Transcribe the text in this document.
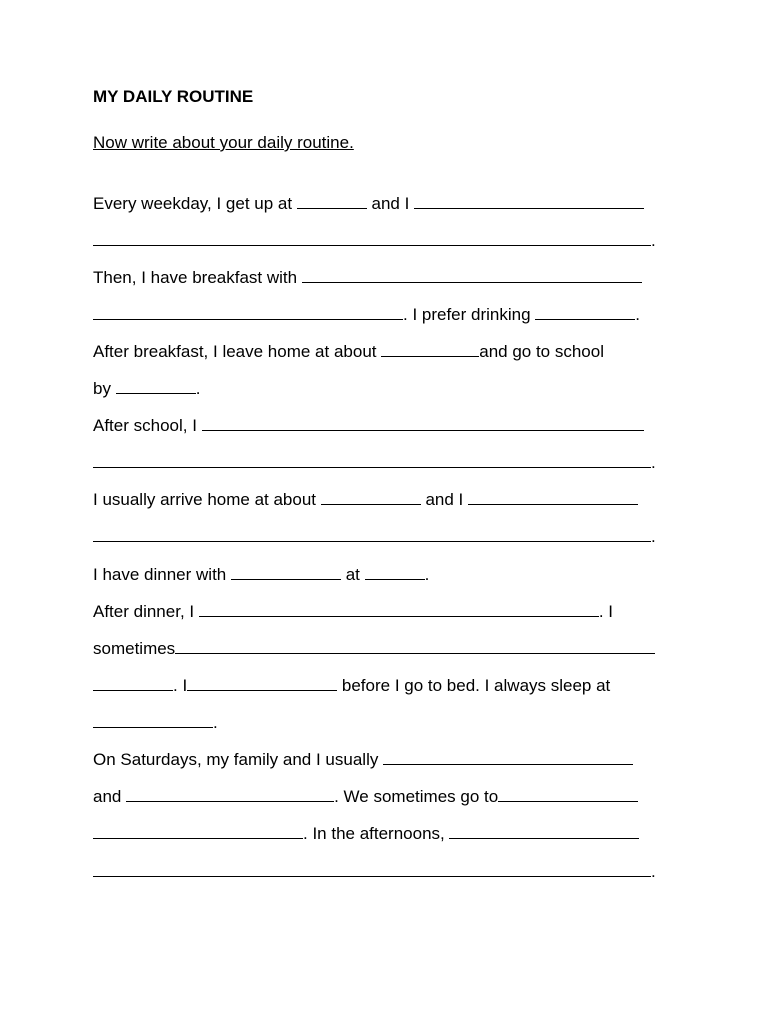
MY DAILY ROUTINE
Now write about your daily routine.
Every weekday, I get up at	and I
.
Then, I have breakfast with
. I prefer drinking	.
After breakfast, I leave home at about	and go to school
by	.
After school, I
.
I usually arrive home at about	and I
.
I have dinner with	at	.
After dinner, I	. I
sometimes
. I	before I go to bed. I always sleep at
.
On Saturdays, my family and I usually
and	. We sometimes go to
. In the afternoons,
.
